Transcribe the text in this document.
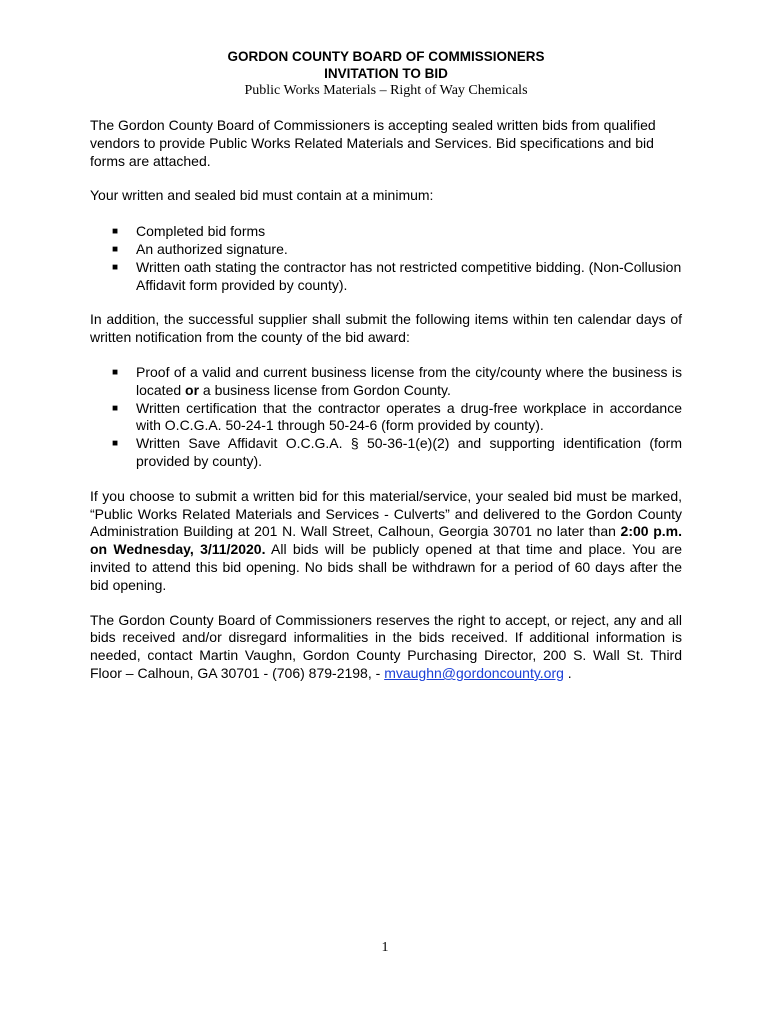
GORDON COUNTY BOARD OF COMMISSIONERS
INVITATION TO BID
Public Works Materials – Right of Way Chemicals

The Gordon County Board of Commissioners is accepting sealed written bids from qualified vendors to provide Public Works Related Materials and Services. Bid specifications and bid forms are attached.

Your written and sealed bid must contain at a minimum:

■ Completed bid forms
■ An authorized signature.
■ Written oath stating the contractor has not restricted competitive bidding. (Non-Collusion Affidavit form provided by county).

In addition, the successful supplier shall submit the following items within ten calendar days of written notification from the county of the bid award:

■ Proof of a valid and current business license from the city/county where the business is located or a business license from Gordon County.
■ Written certification that the contractor operates a drug-free workplace in accordance with O.C.G.A. 50-24-1 through 50-24-6 (form provided by county).
■ Written Save Affidavit O.C.G.A. § 50-36-1(e)(2) and supporting identification (form provided by county).

If you choose to submit a written bid for this material/service, your sealed bid must be marked, “Public Works Related Materials and Services - Culverts” and delivered to the Gordon County Administration Building at 201 N. Wall Street, Calhoun, Georgia 30701 no later than 2:00 p.m. on Wednesday, 3/11/2020. All bids will be publicly opened at that time and place. You are invited to attend this bid opening. No bids shall be withdrawn for a period of 60 days after the bid opening.

The Gordon County Board of Commissioners reserves the right to accept, or reject, any and all bids received and/or disregard informalities in the bids received. If additional information is needed, contact Martin Vaughn, Gordon County Purchasing Director, 200 S. Wall St. Third Floor – Calhoun, GA 30701 - (706) 879-2198, - mvaughn@gordoncounty.org .

1
